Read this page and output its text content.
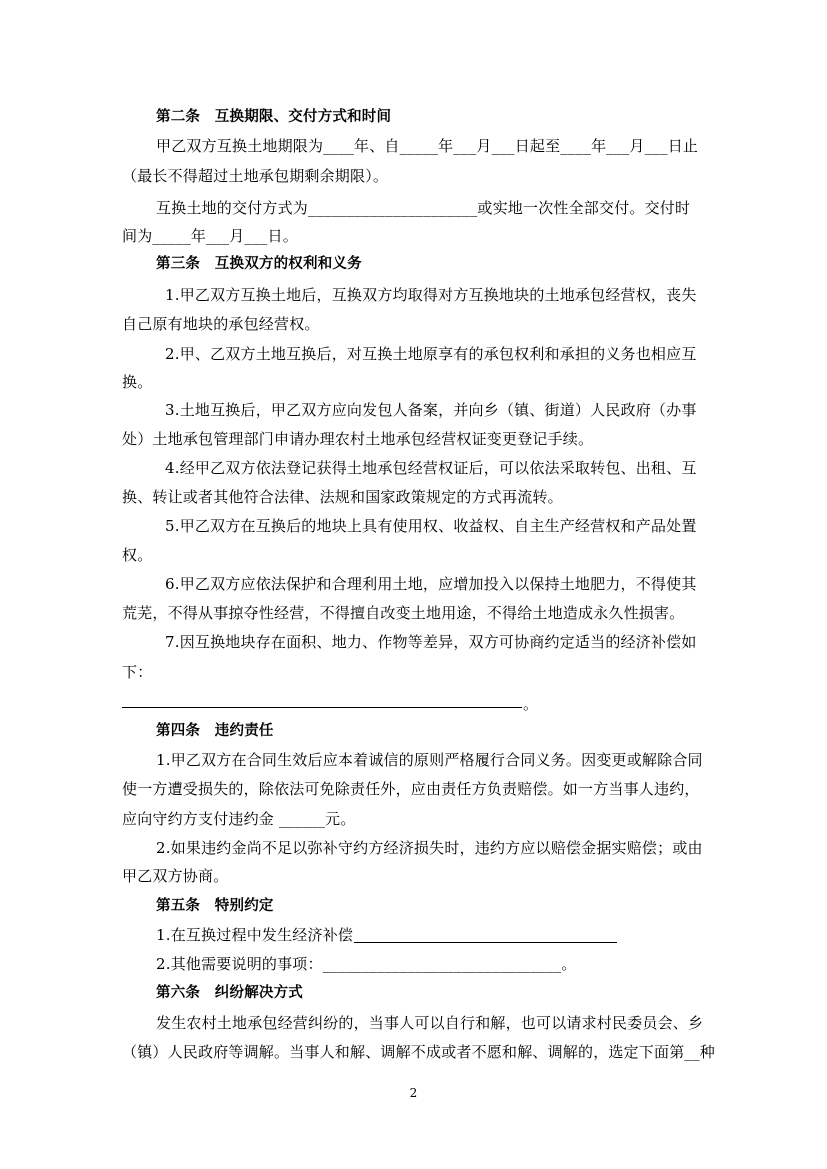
第二条　互换期限、交付方式和时间
甲乙双方互换土地期限为____年、自_____年___月___日起至____年___月___日止
（最长不得超过土地承包期剩余期限）。
互换土地的交付方式为______________________或实地一次性全部交付。交付时
间为_____年___月___日。
第三条　互换双方的权利和义务
1.甲乙双方互换土地后，互换双方均取得对方互换地块的土地承包经营权，丧失
自己原有地块的承包经营权。
2.甲、乙双方土地互换后，对互换土地原享有的承包权利和承担的义务也相应互
换。
3.土地互换后，甲乙双方应向发包人备案，并向乡（镇、街道）人民政府（办事
处）土地承包管理部门申请办理农村土地承包经营权证变更登记手续。
4.经甲乙双方依法登记获得土地承包经营权证后，可以依法采取转包、出租、互
换、转让或者其他符合法律、法规和国家政策规定的方式再流转。
5.甲乙双方在互换后的地块上具有使用权、收益权、自主生产经营权和产品处置
权。
6.甲乙双方应依法保护和合理利用土地，应增加投入以保持土地肥力，不得使其
荒芜，不得从事掠夺性经营，不得擅自改变土地用途，不得给土地造成永久性损害。
7.因互换地块存在面积、地力、作物等差异，双方可协商约定适当的经济补偿如
下：
。
第四条　违约责任
1.甲乙双方在合同生效后应本着诚信的原则严格履行合同义务。因变更或解除合同
使一方遭受损失的，除依法可免除责任外，应由责任方负责赔偿。如一方当事人违约，
应向守约方支付违约金 ______元。
2.如果违约金尚不足以弥补守约方经济损失时，违约方应以赔偿金据实赔偿；或由
甲乙双方协商。
第五条　特别约定
1.在互换过程中发生经济补偿
2.其他需要说明的事项：_______________________________。
第六条　纠纷解决方式
发生农村土地承包经营纠纷的，当事人可以自行和解，也可以请求村民委员会、乡
（镇）人民政府等调解。当事人和解、调解不成或者不愿和解、调解的，选定下面第__种
2
